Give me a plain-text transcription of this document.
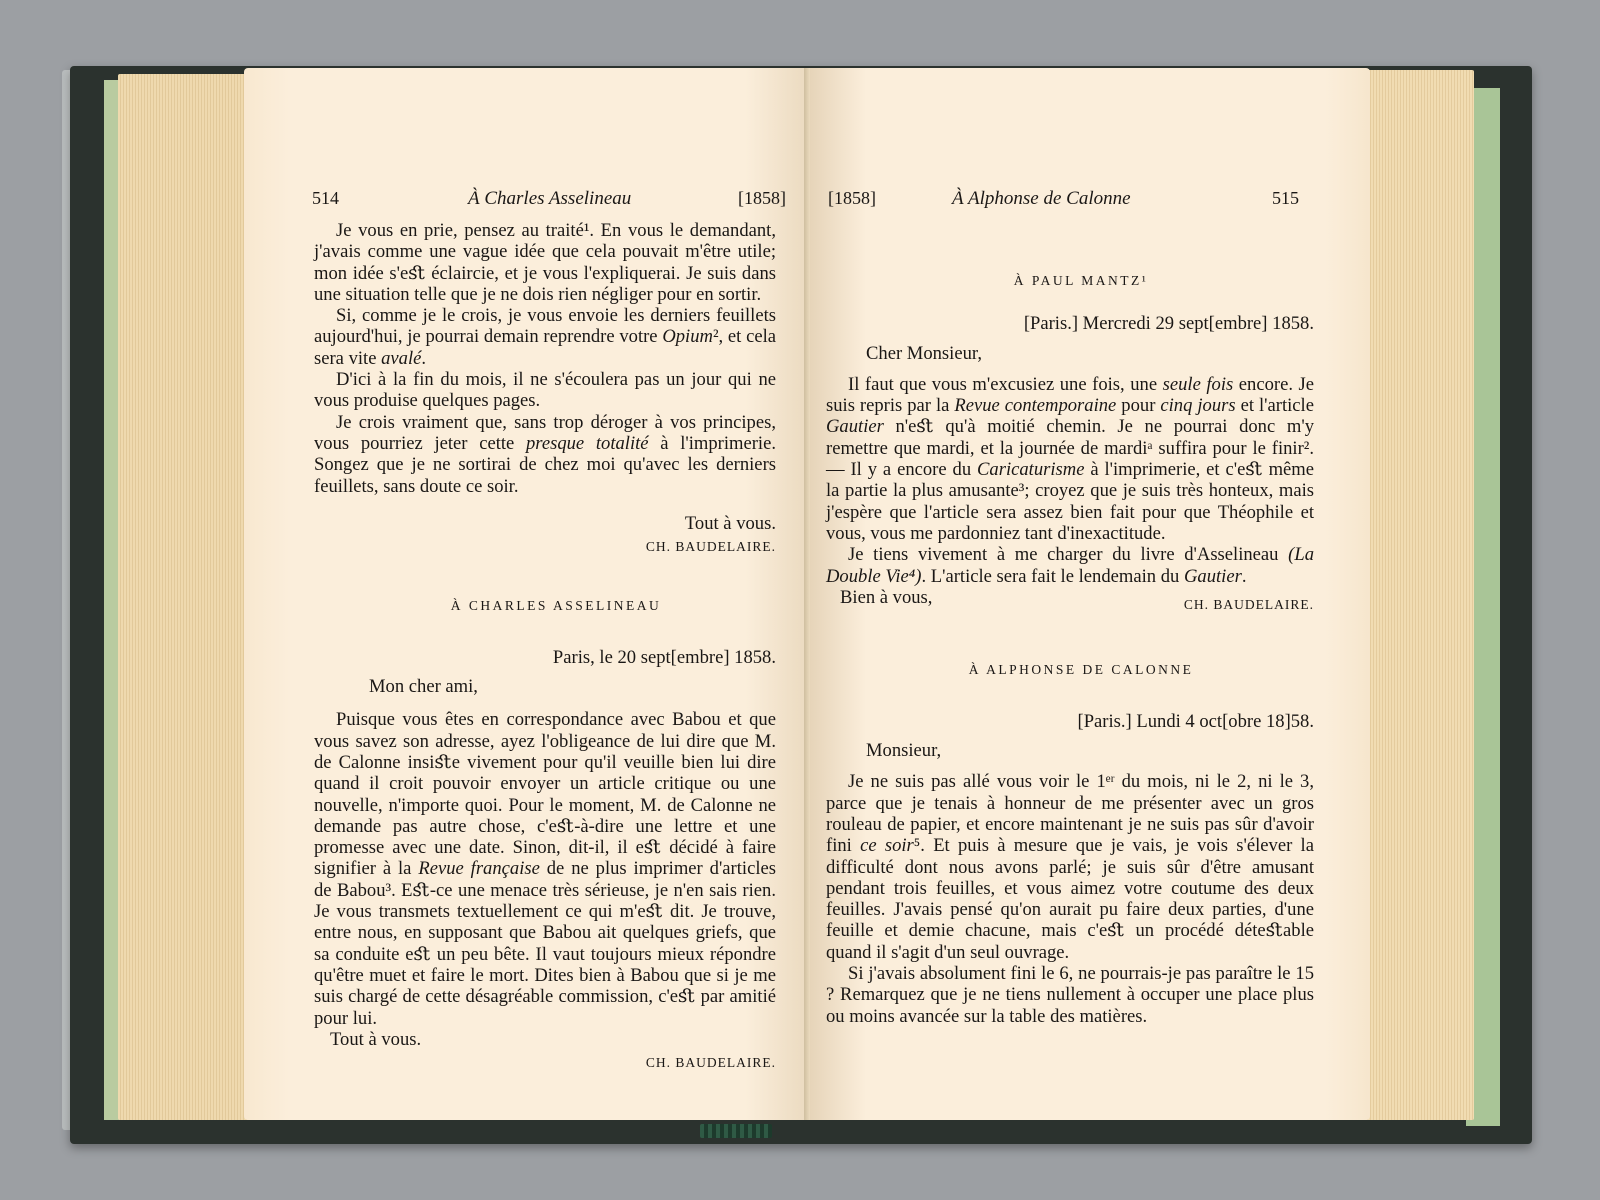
514	À Charles Asselineau	[1858]

Je vous en prie, pensez au traité¹. En vous le demandant, j'avais comme une vague idée que cela pouvait m'être utile; mon idée s'eﬆ éclaircie, et je vous l'expliquerai. Je suis dans une situation telle que je ne dois rien négliger pour en sortir.

Si, comme je le crois, je vous envoie les derniers feuillets aujourd'hui, je pourrai demain reprendre votre Opium², et cela sera vite avalé.

D'ici à la fin du mois, il ne s'écoulera pas un jour qui ne vous produise quelques pages.

Je crois vraiment que, sans trop déroger à vos principes, vous pourriez jeter cette presque totalité à l'imprimerie. Songez que je ne sortirai de chez moi qu'avec les derniers feuillets, sans doute ce soir.

Tout à vous.

CH. BAUDELAIRE.

À CHARLES ASSELINEAU

Paris, le 20 sept[embre] 1858.

Mon cher ami,

Puisque vous êtes en correspondance avec Babou et que vous savez son adresse, ayez l'obligeance de lui dire que M. de Calonne insiﬆe vivement pour qu'il veuille bien lui dire quand il croit pouvoir envoyer un article critique ou une nouvelle, n'importe quoi. Pour le moment, M. de Calonne ne demande pas autre chose, c'eﬆ-à-dire une lettre et une promesse avec une date. Sinon, dit-il, il eﬆ décidé à faire signifier à la Revue française de ne plus imprimer d'articles de Babou³. Eﬆ-ce une menace très sérieuse, je n'en sais rien. Je vous transmets textuellement ce qui m'eﬆ dit. Je trouve, entre nous, en supposant que Babou ait quelques griefs, que sa conduite eﬆ un peu bête. Il vaut toujours mieux répondre qu'être muet et faire le mort. Dites bien à Babou que si je me suis chargé de cette désagréable commission, c'eﬆ par amitié pour lui.

Tout à vous.

CH. BAUDELAIRE.

[1858]	À Alphonse de Calonne	515

À PAUL MANTZ¹

[Paris.] Mercredi 29 sept[embre] 1858.

Cher Monsieur,

Il faut que vous m'excusiez une fois, une seule fois encore. Je suis repris par la Revue contemporaine pour cinq jours et l'article Gautier n'eﬆ qu'à moitié chemin. Je ne pourrai donc m'y remettre que mardi, et la journée de mardiᵃ suffira pour le finir². — Il y a encore du Caricaturisme à l'imprimerie, et c'eﬆ même la partie la plus amusante³; croyez que je suis très honteux, mais j'espère que l'article sera assez bien fait pour que Théophile et vous, vous me pardonniez tant d'inexactitude.

Je tiens vivement à me charger du livre d'Asselineau (La Double Vie⁴). L'article sera fait le lendemain du Gautier.

Bien à vous,	CH. BAUDELAIRE.

À ALPHONSE DE CALONNE

[Paris.] Lundi 4 oct[obre 18]58.

Monsieur,

Je ne suis pas allé vous voir le 1ᵉʳ du mois, ni le 2, ni le 3, parce que je tenais à honneur de me présenter avec un gros rouleau de papier, et encore maintenant je ne suis pas sûr d'avoir fini ce soir⁵. Et puis à mesure que je vais, je vois s'élever la difficulté dont nous avons parlé; je suis sûr d'être amusant pendant trois feuilles, et vous aimez votre coutume des deux feuilles. J'avais pensé qu'on aurait pu faire deux parties, d'une feuille et demie chacune, mais c'eﬆ un procédé déteﬆable quand il s'agit d'un seul ouvrage.

Si j'avais absolument fini le 6, ne pourrais-je pas paraître le 15 ? Remarquez que je ne tiens nullement à occuper une place plus ou moins avancée sur la table des matières.
